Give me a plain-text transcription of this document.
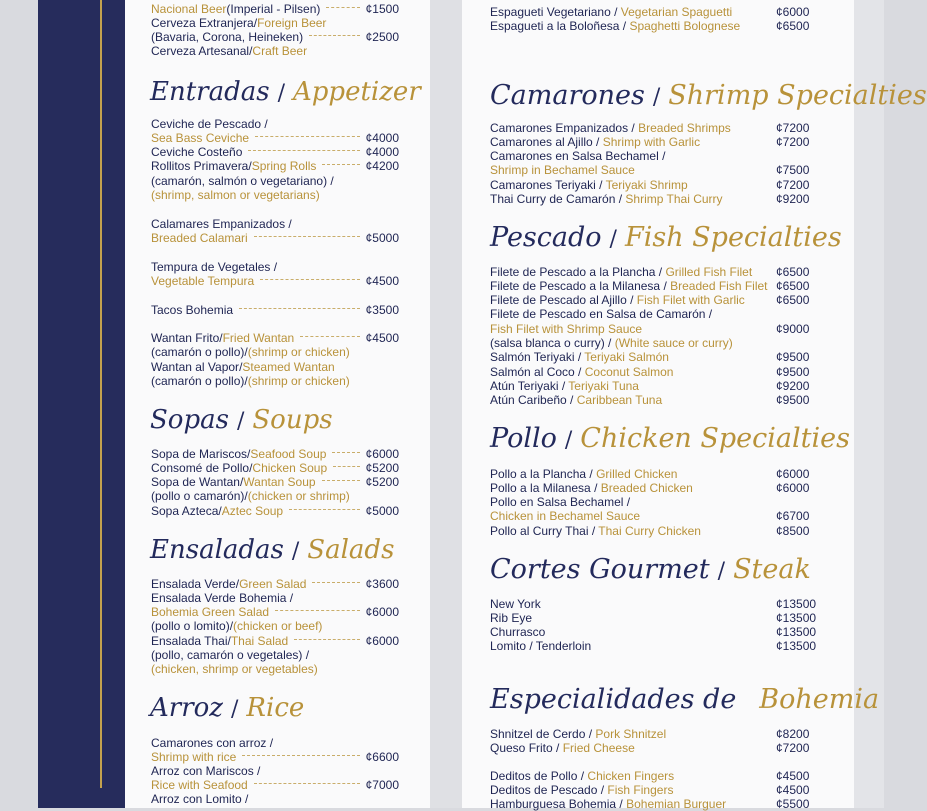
Nacional Beer (Imperial - Pilsen)	¢1500
Cerveza Extranjera / Foreign Beer
(Bavaria, Corona, Heineken)	¢2500
Cerveza Artesanal / Craft Beer
Entradas / Appetizer
Ceviche de Pescado /
Sea Bass Ceviche	¢4000
Ceviche Costeño	¢4000
Rollitos Primavera / Spring Rolls	¢4200
(camarón, salmón o vegetariano) /
(shrimp, salmon or vegetarians)
Calamares Empanizados /
Breaded Calamari	¢5000
Tempura de Vegetales /
Vegetable Tempura	¢4500
Tacos Bohemia	¢3500
Wantan Frito / Fried Wantan	¢4500
(camarón o pollo) / (shrimp or chicken)
Wantan al Vapor / Steamed Wantan
(camarón o pollo) / (shrimp or chicken)
Sopas / Soups
Sopa de Mariscos / Seafood Soup	¢6000
Consomé de Pollo / Chicken Soup	¢5200
Sopa de Wantan / Wantan Soup	¢5200
(pollo o camarón) / (chicken or shrimp)
Sopa Azteca / Aztec Soup	¢5000
Ensaladas / Salads
Ensalada Verde / Green Salad	¢3600
Ensalada Verde Bohemia /
Bohemia Green Salad	¢6000
(pollo o lomito) / (chicken or beef)
Ensalada Thai / Thai Salad	¢6000
(pollo, camarón o vegetales) /
(chicken, shrimp or vegetables)
Arroz / Rice
Camarones con arroz /
Shrimp with rice	¢6600
Arroz con Mariscos /
Rice with Seafood	¢7000
Arroz con Lomito /
Espagueti Vegetariano / Vegetarian Spaguetti	¢6000
Espagueti a la Boloñesa / Spaghetti Bolognese	¢6500
Camarones / Shrimp Specialties
Camarones Empanizados / Breaded Shrimps	¢7200
Camarones al Ajillo / Shrimp with Garlic	¢7200
Camarones en Salsa Bechamel /
Shrimp in Bechamel Sauce	¢7500
Camarones Teriyaki / Teriyaki Shrimp	¢7200
Thai Curry de Camarón / Shrimp Thai Curry	¢9200
Pescado / Fish Specialties
Filete de Pescado a la Plancha / Grilled Fish Filet ¢6500
Filete de Pescado a la Milanesa / Breaded Fish Filet ¢6500
Filete de Pescado al Ajillo / Fish Filet with Garlic	¢6500
Filete de Pescado en Salsa de Camarón /
Fish Filet with Shrimp Sauce	¢9000
(salsa blanca o curry) / (White sauce or curry)
Salmón Teriyaki / Teriyaki Salmón	¢9500
Salmón al Coco / Coconut Salmon	¢9500
Atún Teriyaki / Teriyaki Tuna	¢9200
Atún Caribeño / Caribbean Tuna	¢9500
Pollo / Chicken Specialties
Pollo a la Plancha / Grilled Chicken	¢6000
Pollo a la Milanesa / Breaded Chicken	¢6000
Pollo en Salsa Bechamel /
Chicken in Bechamel Sauce	¢6700
Pollo al Curry Thai / Thai Curry Chicken	¢8500
Cortes Gourmet / Steak
New York	¢13500
Rib Eye	¢13500
Churrasco	¢13500
Lomito / Tenderloin	¢13500
Especialidades de Bohemia
Shnitzel de Cerdo / Pork Shnitzel	¢8200
Queso Frito / Fried Cheese	¢7200
Deditos de Pollo / Chicken Fingers	¢4500
Deditos de Pescado / Fish Fingers	¢4500
Hamburguesa Bohemia / Bohemian Burguer	¢5500
